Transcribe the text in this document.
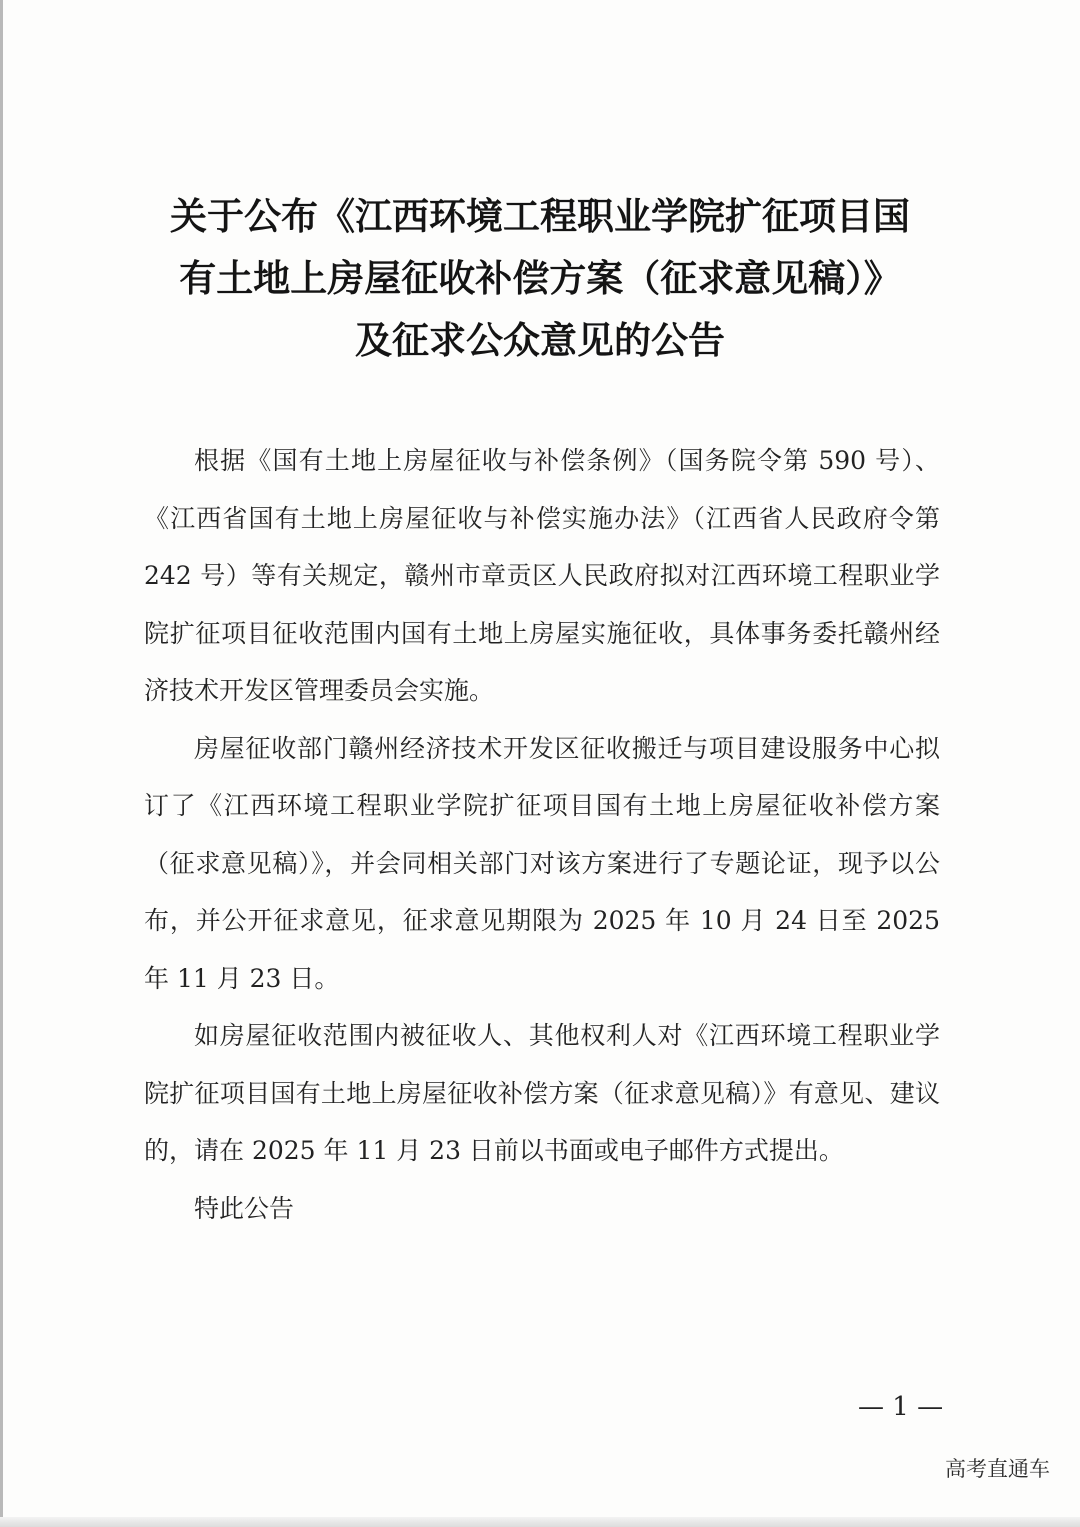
关于公布《江西环境工程职业学院扩征项目国
有土地上房屋征收补偿方案（征求意见稿）》
及征求公众意见的公告

根据《国有土地上房屋征收与补偿条例》（国务院令第 590 号）、《江西省国有土地上房屋征收与补偿实施办法》（江西省人民政府令第 242 号）等有关规定，赣州市章贡区人民政府拟对江西环境工程职业学院扩征项目征收范围内国有土地上房屋实施征收，具体事务委托赣州经济技术开发区管理委员会实施。

房屋征收部门赣州经济技术开发区征收搬迁与项目建设服务中心拟订了《江西环境工程职业学院扩征项目国有土地上房屋征收补偿方案（征求意见稿）》，并会同相关部门对该方案进行了专题论证，现予以公布，并公开征求意见，征求意见期限为 2025 年 10 月 24 日至 2025 年 11 月 23 日。

如房屋征收范围内被征收人、其他权利人对《江西环境工程职业学院扩征项目国有土地上房屋征收补偿方案（征求意见稿）》有意见、建议的，请在 2025 年 11 月 23 日前以书面或电子邮件方式提出。

特此公告

— 1 —
高考直通车
